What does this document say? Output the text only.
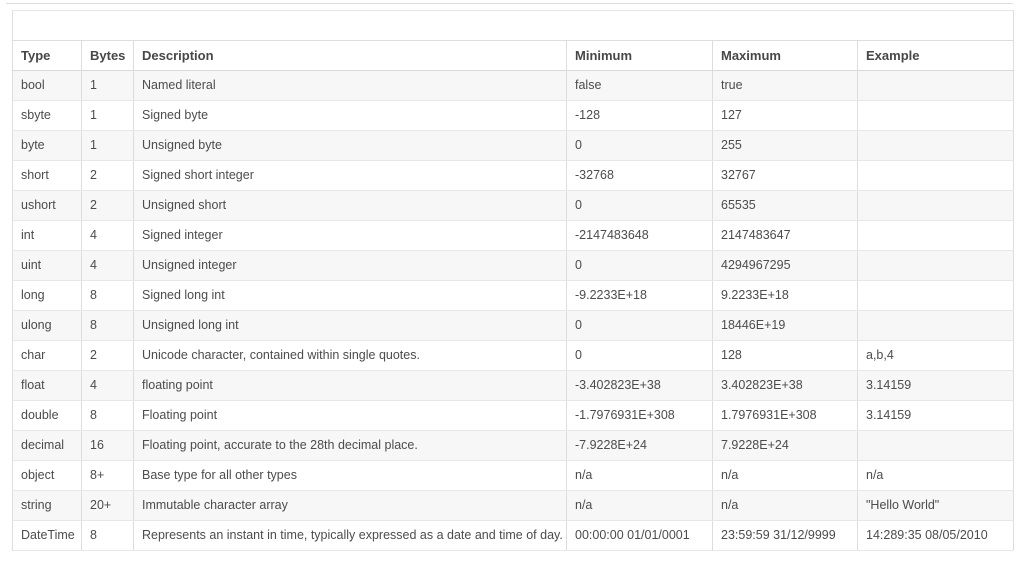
Type	Bytes	Description	Minimum	Maximum	Example
bool	1	Named literal	false	true	
sbyte	1	Signed byte	-128	127	
byte	1	Unsigned byte	0	255	
short	2	Signed short integer	-32768	32767	
ushort	2	Unsigned short	0	65535	
int	4	Signed integer	-2147483648	2147483647	
uint	4	Unsigned integer	0	4294967295	
long	8	Signed long int	-9.2233E+18	9.2233E+18	
ulong	8	Unsigned long int	0	18446E+19	
char	2	Unicode character, contained within single quotes.	0	128	a,b,4
float	4	floating point	-3.402823E+38	3.402823E+38	3.14159
double	8	Floating point	-1.7976931E+308	1.7976931E+308	3.14159
decimal	16	Floating point, accurate to the 28th decimal place.	-7.9228E+24	7.9228E+24	
object	8+	Base type for all other types	n/a	n/a	n/a
string	20+	Immutable character array	n/a	n/a	"Hello World"
DateTime	8	Represents an instant in time, typically expressed as a date and time of day.	00:00:00 01/01/0001	23:59:59 31/12/9999	14:289:35 08/05/2010
